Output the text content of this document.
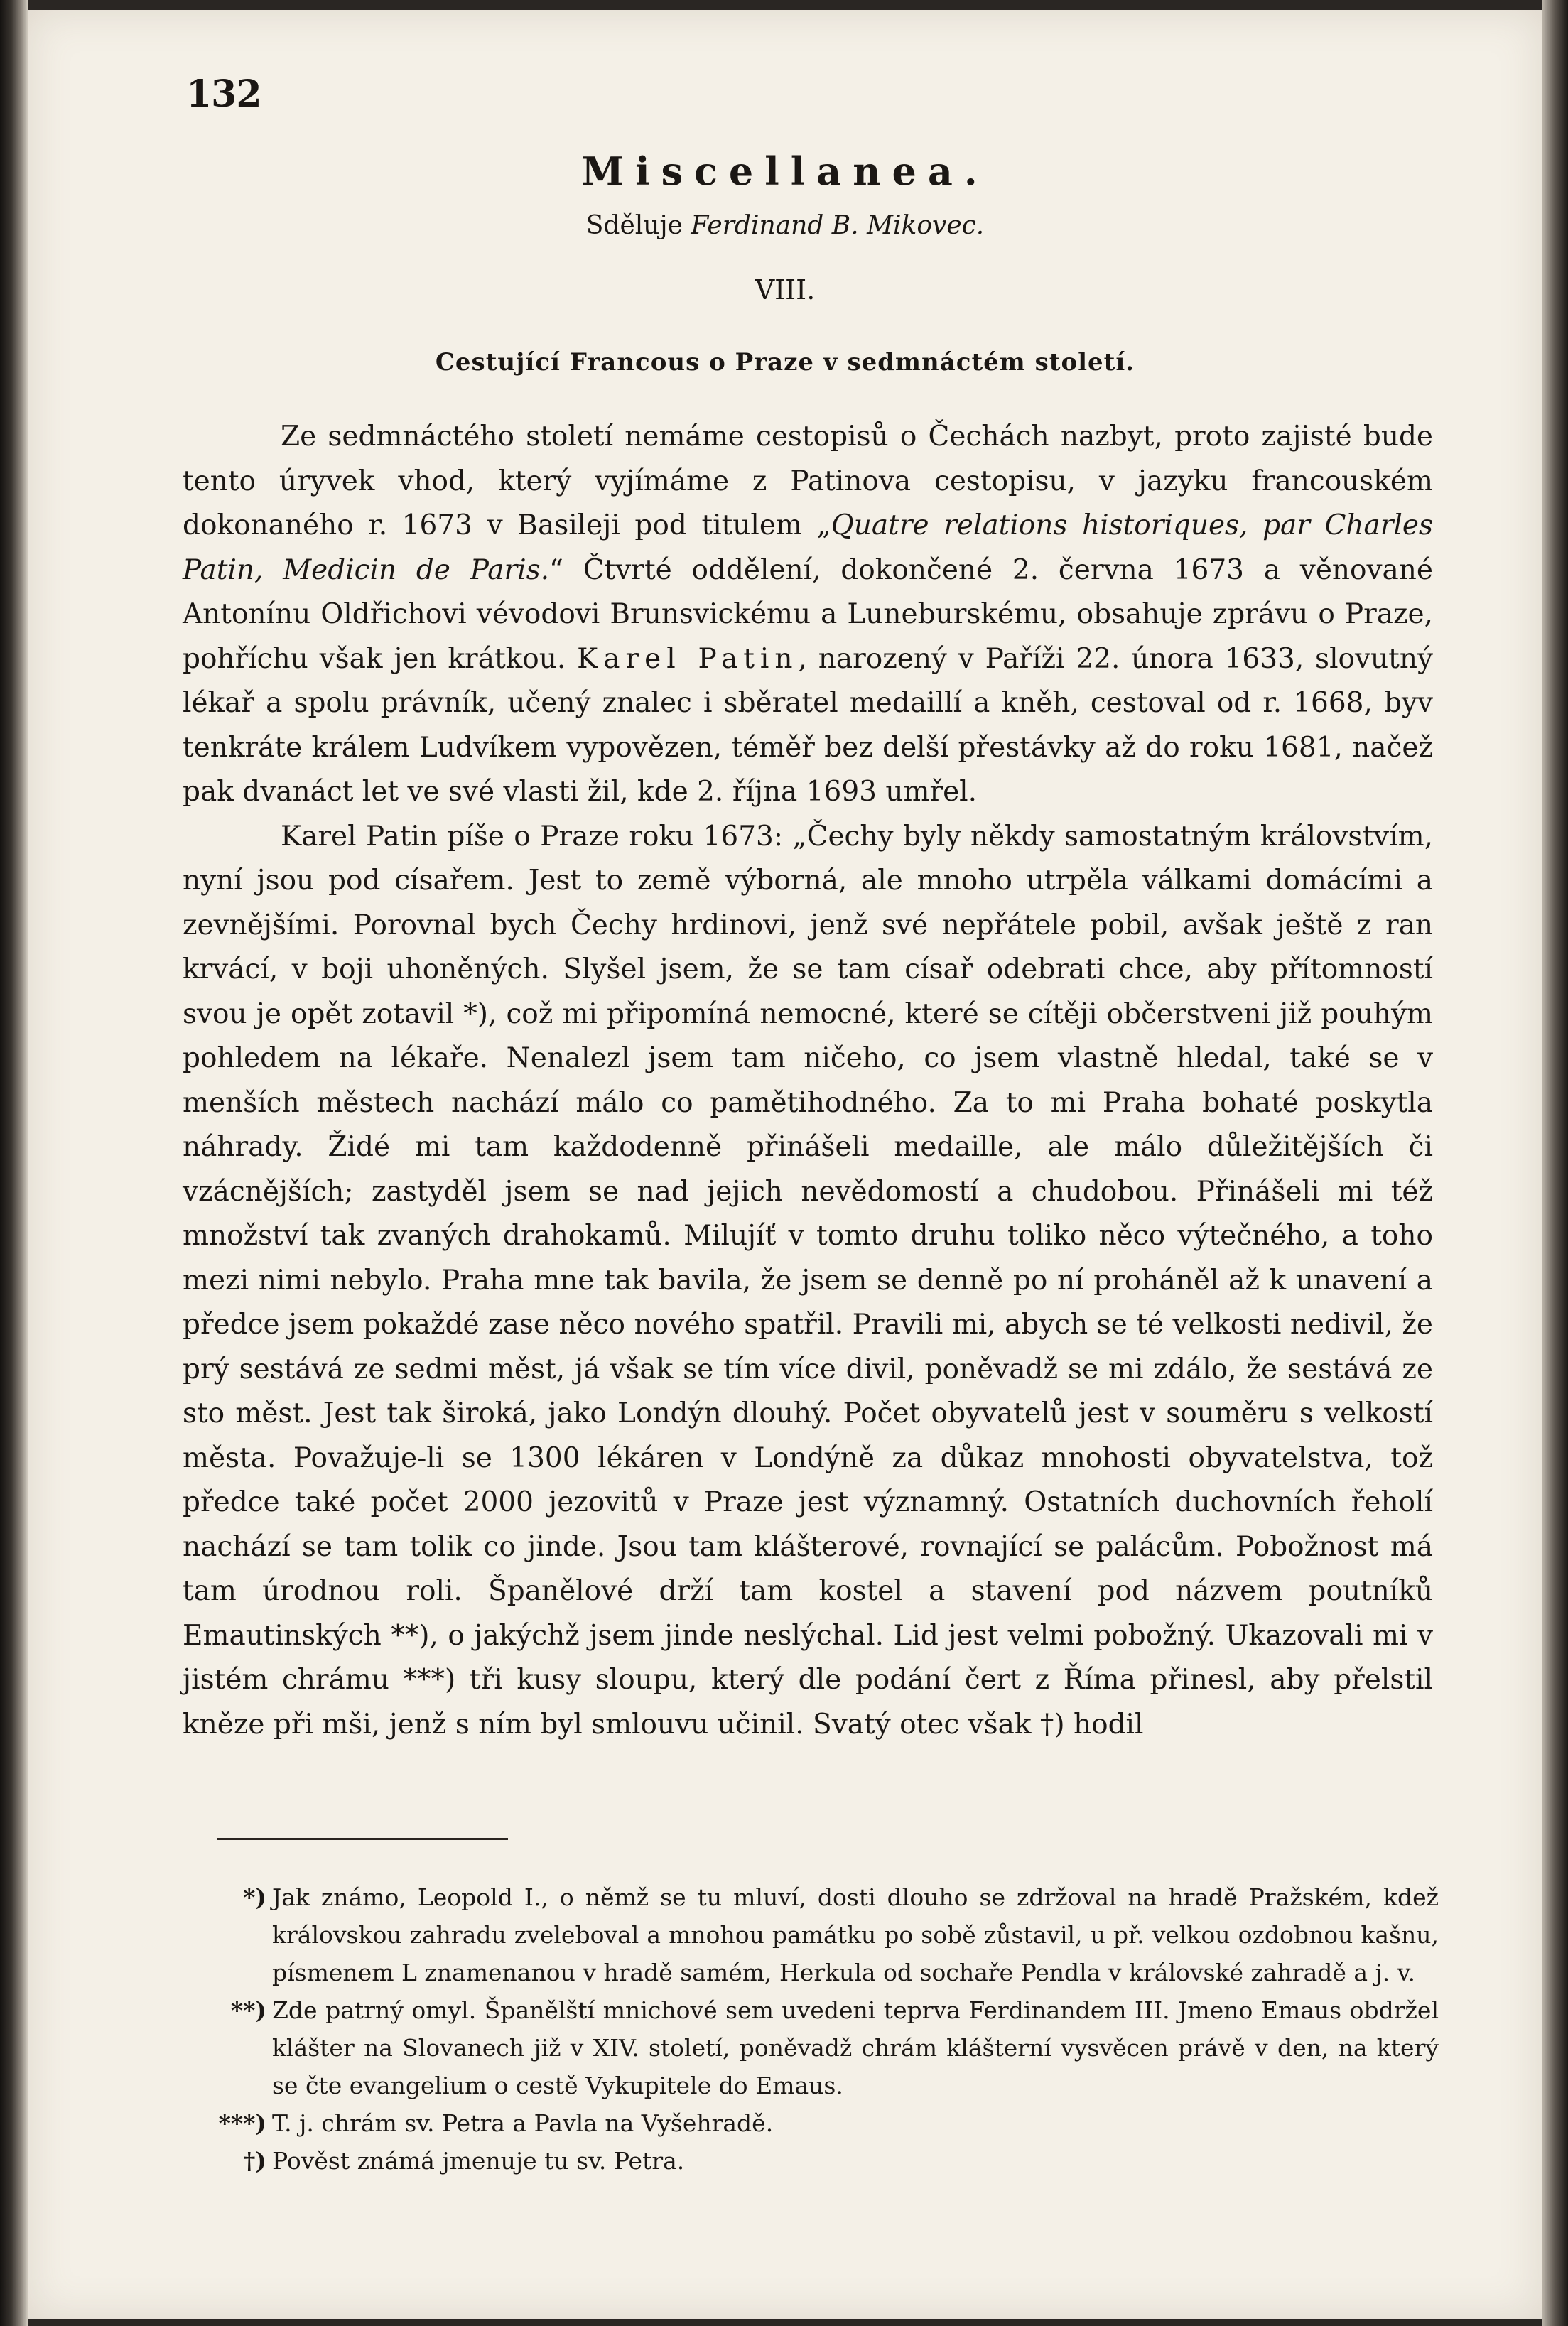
132
Miscellanea.
Sděluje Ferdinand B. Mikovec.
VIII.
Cestující Francous o Praze v sedmnáctém století.

Ze sedmnáctého století nemáme cestopisů o Čechách nazbyt, proto zajisté bude tento úryvek vhod, který vyjímáme z Patinova cestopisu, v jazyku francouském dokonaného r. 1673 v Basileji pod titulem „Quatre relations historiques, par Charles Patin, Medicin de Paris.“ Čtvrté oddělení, dokončené 2. června 1673 a věnované Antonínu Oldřichovi vévodovi Brunsvickému a Luneburskému, obsahuje zprávu o Praze, pohříchu však jen krátkou. Karel Patin, narozený v Paříži 22. února 1633, slovutný lékař a spolu právník, učený znalec i sběratel medaillí a kněh, cestoval od r. 1668, byv tenkráte králem Ludvíkem vypovězen, téměř bez delší přestávky až do roku 1681, načež pak dvanáct let ve své vlasti žil, kde 2. října 1693 umřel.

Karel Patin píše o Praze roku 1673: „Čechy byly někdy samostatným královstvím, nyní jsou pod císařem. Jest to země výborná, ale mnoho utrpěla válkami domácími a zevnějšími. Porovnal bych Čechy hrdinovi, jenž své nepřátele pobil, avšak ještě z ran krvácí, v boji uhoněných. Slyšel jsem, že se tam císař odebrati chce, aby přítomností svou je opět zotavil *), což mi připomíná nemocné, které se cítěji občerstveni již pouhým pohledem na lékaře. Nenalezl jsem tam ničeho, co jsem vlastně hledal, také se v menších městech nachází málo co pamětihodného. Za to mi Praha bohaté poskytla náhrady. Židé mi tam každodenně přinášeli medaille, ale málo důležitějších či vzácnějších; zastyděl jsem se nad jejich nevědomostí a chudobou. Přinášeli mi též množství tak zvaných drahokamů. Milujíť v tomto druhu toliko něco výtečného, a toho mezi nimi nebylo. Praha mne tak bavila, že jsem se denně po ní proháněl až k unavení a předce jsem pokaždé zase něco nového spatřil. Pravili mi, abych se té velkosti nedivil, že prý sestává ze sedmi měst, já však se tím více divil, poněvadž se mi zdálo, že sestává ze sto měst. Jest tak široká, jako Londýn dlouhý. Počet obyvatelů jest v souměru s velkostí města. Považuje-li se 1300 lékáren v Londýně za důkaz mnohosti obyvatelstva, tož předce také počet 2000 jezovitů v Praze jest významný. Ostatních duchovních řeholí nachází se tam tolik co jinde. Jsou tam klášterové, rovnající se palácům. Pobožnost má tam úrodnou roli. Španělové drží tam kostel a stavení pod názvem poutníků Emautinských **), o jakýchž jsem jinde neslýchal. Lid jest velmi pobožný. Ukazovali mi v jistém chrámu ***) tři kusy sloupu, který dle podání čert z Říma přinesl, aby přelstil kněze při mši, jenž s ním byl smlouvu učinil. Svatý otec však †) hodil

*) Jak známo, Leopold I., o němž se tu mluví, dosti dlouho se zdržoval na hradě Pražském, kdež královskou zahradu zveleboval a mnohou památku po sobě zůstavil, u př. velkou ozdobnou kašnu, písmenem L znamenanou v hradě samém, Herkula od sochaře Pendla v královské zahradě a j. v.
**) Zde patrný omyl. Španělští mnichové sem uvedeni teprva Ferdinandem III. Jmeno Emaus obdržel klášter na Slovanech již v XIV. století, poněvadž chrám klášterní vysvěcen právě v den, na který se čte evangelium o cestě Vykupitele do Emaus.
***) T. j. chrám sv. Petra a Pavla na Vyšehradě.
†) Pověst známá jmenuje tu sv. Petra.
